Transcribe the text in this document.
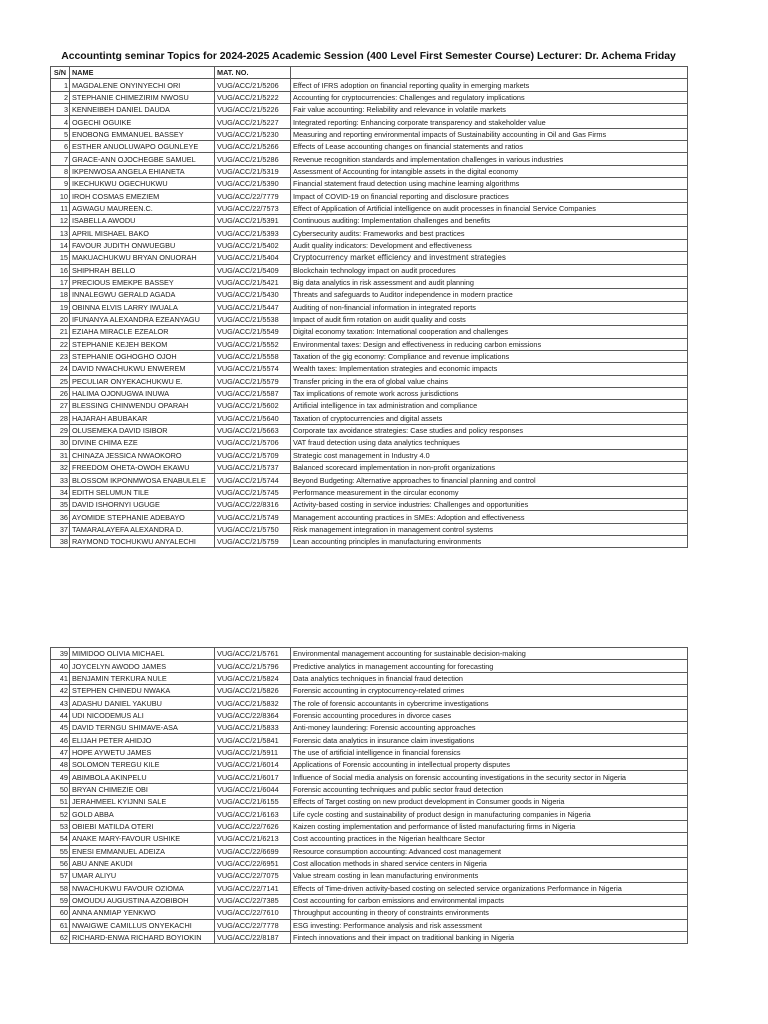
Accountintg seminar Topics for 2024-2025 Academic Session (400 Level First Semester Course) Lecturer: Dr. Achema Friday
S/N	NAME	MAT. NO.	
1	MAGDALENE ONYINYECHI ORI	VUG/ACC/21/5206	Effect of IFRS adoption on financial reporting quality in emerging markets
2	STEPHANIE CHIMEZIRIM NWOSU	VUG/ACC/21/5222	Accounting for cryptocurrencies: Challenges and regulatory implications
3	KENNEIBEH DANIEL DAUDA	VUG/ACC/21/5226	Fair value accounting: Reliability and relevance in volatile markets
4	OGECHI OGUIKE	VUG/ACC/21/5227	Integrated reporting: Enhancing corporate transparency and stakeholder value
5	ENOBONG EMMANUEL BASSEY	VUG/ACC/21/5230	Measuring and reporting environmental impacts of Sustainability accounting in Oil and Gas Firms
6	ESTHER ANUOLUWAPO OGUNLEYE	VUG/ACC/21/5266	Effects of Lease accounting changes on financial statements and ratios
7	GRACE-ANN OJOCHEGBE SAMUEL	VUG/ACC/21/5286	Revenue recognition standards and implementation challenges in various industries
8	IKPENWOSA ANGELA EHIANETA	VUG/ACC/21/5319	Assessment of Accounting for intangible assets in the digital economy
9	IKECHUKWU OGECHUKWU	VUG/ACC/21/5390	Financial statement fraud detection using machine learning algorithms
10	IROH COSMAS EMEZIEM	VUG/ACC/22/7779	Impact of COVID-19 on financial reporting and disclosure practices
11	AGWAGU MAUREEN.C.	VUG/ACC/22/7573	Effect of Application of Artificial intelligence on audit processes in financial Service Companies
12	ISABELLA AWODU	VUG/ACC/21/5391	Continuous auditing: Implementation challenges and benefits
13	APRIL MISHAEL BAKO	VUG/ACC/21/5393	Cybersecurity audits: Frameworks and best practices
14	FAVOUR JUDITH ONWUEGBU	VUG/ACC/21/5402	Audit quality indicators: Development and effectiveness
15	MAKUACHUKWU BRYAN ONUORAH	VUG/ACC/21/5404	Cryptocurrency market efficiency and investment strategies
16	SHIPHRAH BELLO	VUG/ACC/21/5409	Blockchain technology impact on audit procedures
17	PRECIOUS EMEKPE BASSEY	VUG/ACC/21/5421	Big data analytics in risk assessment and audit planning
18	INNALEGWU GERALD AGADA	VUG/ACC/21/5430	Threats and safeguards to Auditor independence in modern practice
19	OBINNA ELVIS LARRY IWUALA	VUG/ACC/21/5447	Auditing of non-financial information in integrated reports
20	IFUNANYA ALEXANDRA EZEANYAGU	VUG/ACC/21/5538	Impact of audit firm rotation on audit quality and costs
21	EZIAHA MIRACLE EZEALOR	VUG/ACC/21/5549	Digital economy taxation: International cooperation and challenges
22	STEPHANIE KEJEH BEKOM	VUG/ACC/21/5552	Environmental taxes: Design and effectiveness in reducing carbon emissions
23	STEPHANIE OGHOGHO OJOH	VUG/ACC/21/5558	Taxation of the gig economy: Compliance and revenue implications
24	DAVID NWACHUKWU ENWEREM	VUG/ACC/21/5574	Wealth taxes: Implementation strategies and economic impacts
25	PECULIAR ONYEKACHUKWU E.	VUG/ACC/21/5579	Transfer pricing in the era of global value chains
26	HALIMA OJONUGWA INUWA	VUG/ACC/21/5587	Tax implications of remote work across jurisdictions
27	BLESSING CHINWENDU OPARAH	VUG/ACC/21/5602	Artificial intelligence in tax administration and compliance
28	HAJARAH ABUBAKAR	VUG/ACC/21/5640	Taxation of cryptocurrencies and digital assets
29	OLUSEMEKA DAVID ISIBOR	VUG/ACC/21/5663	Corporate tax avoidance strategies: Case studies and policy responses
30	DIVINE CHIMA EZE	VUG/ACC/21/5706	VAT fraud detection using data analytics techniques
31	CHINAZA JESSICA NWAOKORO	VUG/ACC/21/5709	Strategic cost management in Industry 4.0
32	FREEDOM OHETA-OWOH EKAWU	VUG/ACC/21/5737	Balanced scorecard implementation in non-profit organizations
33	BLOSSOM IKPONMWOSA ENABULELE	VUG/ACC/21/5744	Beyond Budgeting: Alternative approaches to financial planning and control
34	EDITH SELUMUN TILE	VUG/ACC/21/5745	Performance measurement in the circular economy
35	DAVID ISHORNYI UGUGE	VUG/ACC/22/8316	Activity-based costing in service industries: Challenges and opportunities
36	AYOMIDE STEPHANIE ADEBAYO	VUG/ACC/21/5749	Management accounting practices in SMEs: Adoption and effectiveness
37	TAMARALAYEFA ALEXANDRA D.	VUG/ACC/21/5750	Risk management integration in management control systems
38	RAYMOND TOCHUKWU ANYALECHI	VUG/ACC/21/5759	Lean accounting principles in manufacturing environments
39	MIMIDOO OLIVIA MICHAEL	VUG/ACC/21/5761	Environmental management accounting for sustainable decision-making
40	JOYCELYN AWODO JAMES	VUG/ACC/21/5796	Predictive analytics in management accounting for forecasting
41	BENJAMIN TERKURA NULE	VUG/ACC/21/5824	Data analytics techniques in financial fraud detection
42	STEPHEN CHINEDU NWAKA	VUG/ACC/21/5826	Forensic accounting in cryptocurrency-related crimes
43	ADASHU DANIEL YAKUBU	VUG/ACC/21/5832	The role of forensic accountants in cybercrime investigations
44	UDI NICODEMUS ALI	VUG/ACC/22/8364	Forensic accounting procedures in divorce cases
45	DAVID TERNGU SHIMAVE-ASA	VUG/ACC/21/5833	Anti-money laundering: Forensic accounting approaches
46	ELIJAH PETER AHIDJO	VUG/ACC/21/5841	Forensic data analytics in insurance claim investigations
47	HOPE AYWETU JAMES	VUG/ACC/21/5911	The use of artificial intelligence in financial forensics
48	SOLOMON TEREGU KILE	VUG/ACC/21/6014	Applications of Forensic accounting in intellectual property disputes
49	ABIMBOLA AKINPELU	VUG/ACC/21/6017	Influence of Social media analysis on forensic accounting investigations in the security sector in Nigeria
50	BRYAN CHIMEZIE OBI	VUG/ACC/21/6044	Forensic accounting techniques and public sector fraud detection
51	JERAHMEEL KYIJNNI SALE	VUG/ACC/21/6155	Effects of Target costing on new product development in Consumer goods in Nigeria
52	GOLD ABBA	VUG/ACC/21/6163	Life cycle costing and sustainability of product design in manufacturing companies in Nigeria
53	OBIEBI MATILDA OTERI	VUG/ACC/22/7626	Kaizen costing implementation and performance of listed manufacturing firms in Nigeria
54	ANAKE MARY-FAVOUR USHIKE	VUG/ACC/21/6213	Cost accounting practices in the Nigerian healthcare Sector
55	ENESI EMMANUEL ADEIZA	VUG/ACC/22/6699	Resource consumption accounting: Advanced cost management
56	ABU ANNE AKUDI	VUG/ACC/22/6951	Cost allocation methods in shared service centers in Nigeria
57	UMAR ALIYU	VUG/ACC/22/7075	Value stream costing in lean manufacturing environments
58	NWACHUKWU FAVOUR OZIOMA	VUG/ACC/22/7141	Effects of Time-driven activity-based costing on selected service organizations Performance in Nigeria
59	OMOUDU AUGUSTINA AZOBIBOH	VUG/ACC/22/7385	Cost accounting for carbon emissions and environmental impacts
60	ANNA ANMIAP YENKWO	VUG/ACC/22/7610	Throughput accounting in theory of constraints environments
61	NWAIGWE CAMILLUS ONYEKACHI	VUG/ACC/22/7778	ESG investing: Performance analysis and risk assessment
62	RICHARD-ENWA RICHARD BOYIOKIN	VUG/ACC/22/8187	Fintech innovations and their impact on traditional banking in Nigeria
